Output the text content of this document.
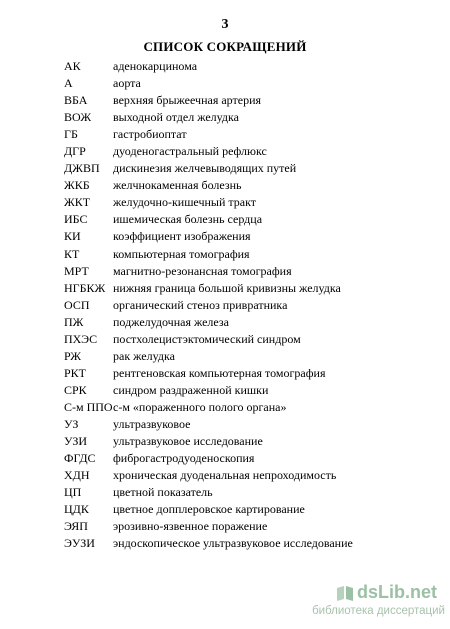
3
СПИСОК СОКРАЩЕНИЙ
АК	аденокарцинома
А	аорта
ВБА верхняя брыжеечная артерия
ВОЖ выходной отдел желудка
ГБ	гастробиоптат
ДГР дуоденогастральный рефлюкс
ДЖВП дискинезия желчевыводящих путей
ЖКБ желчнокаменная болезнь
ЖКТ желудочно-кишечный тракт
ИБС ишемическая болезнь сердца
КИ	коэффициент изображения
КТ	компьютерная томография
МРТ магнитно-резонансная томография
НГБКЖ нижняя граница большой кривизны желудка
ОСП органический стеноз привратника
ПЖ поджелудочная железа
ПХЭС постхолецистэктомический синдром
РЖ	рак желудка
РКТ рентгеновская компьютерная томография
СРК синдром раздраженной кишки
С-м ППО с-м «пораженного полого органа»
УЗ	ультразвуковое
УЗИ ультразвуковое исследование
ФГДС фиброгастродуоденоскопия
ХДН хроническая дуоденальная непроходимость
ЦП	цветной показатель
ЦДК цветное допплеровское картирование
ЭЯП эрозивно-язвенное поражение
ЭУЗИ эндоскопическое ультразвуковое исследование
dsLib.net
библиотека диссертаций
